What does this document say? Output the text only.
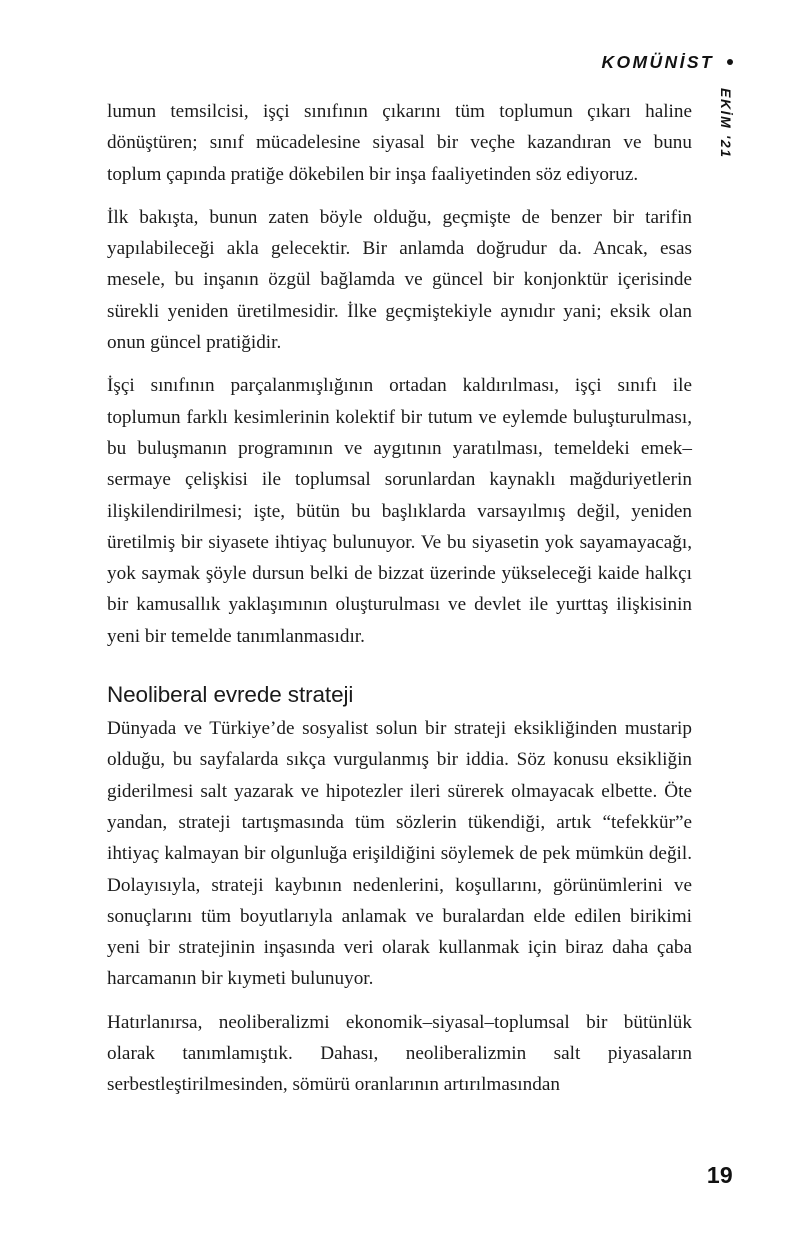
KOMÜNİST
EKİM '21

lumun temsilcisi, işçi sınıfının çıkarını tüm toplumun çıkarı haline dönüştüren; sınıf mücadelesine siyasal bir veçhe kazandıran ve bunu toplum çapında pratiğe dökebilen bir inşa faaliyetinden söz ediyoruz.

İlk bakışta, bunun zaten böyle olduğu, geçmişte de benzer bir tarifin yapılabileceği akla gelecektir. Bir anlamda doğrudur da. Ancak, esas mesele, bu inşanın özgül bağlamda ve güncel bir konjonktür içerisinde sürekli yeniden üretilmesidir. İlke geçmiştekiyle aynıdır yani; eksik olan onun güncel pratiğidir.

İşçi sınıfının parçalanmışlığının ortadan kaldırılması, işçi sınıfı ile toplumun farklı kesimlerinin kolektif bir tutum ve eylemde buluşturulması, bu buluşmanın programının ve aygıtının yaratılması, temeldeki emek–sermaye çelişkisi ile toplumsal sorunlardan kaynaklı mağduriyetlerin ilişkilendirilmesi; işte, bütün bu başlıklarda varsayılmış değil, yeniden üretilmiş bir siyasete ihtiyaç bulunuyor. Ve bu siyasetin yok sayamayacağı, yok saymak şöyle dursun belki de bizzat üzerinde yükseleceği kaide halkçı bir kamusallık yaklaşımının oluşturulması ve devlet ile yurttaş ilişkisinin yeni bir temelde tanımlanmasıdır.

Neoliberal evrede strateji

Dünyada ve Türkiye’de sosyalist solun bir strateji eksikliğinden mustarip olduğu, bu sayfalarda sıkça vurgulanmış bir iddia. Söz konusu eksikliğin giderilmesi salt yazarak ve hipotezler ileri sürerek olmayacak elbette. Öte yandan, strateji tartışmasında tüm sözlerin tükendiği, artık “tefekkür”e ihtiyaç kalmayan bir olgunluğa erişildiğini söylemek de pek mümkün değil. Dolayısıyla, strateji kaybının nedenlerini, koşullarını, görünümlerini ve sonuçlarını tüm boyutlarıyla anlamak ve buralardan elde edilen birikimi yeni bir stratejinin inşasında veri olarak kullanmak için biraz daha çaba harcamanın bir kıymeti bulunuyor.

Hatırlanırsa, neoliberalizmi ekonomik–siyasal–toplumsal bir bütünlük olarak tanımlamıştık. Dahası, neoliberalizmin salt piyasaların serbestleştirilmesinden, sömürü oranlarının artırılmasından

19
